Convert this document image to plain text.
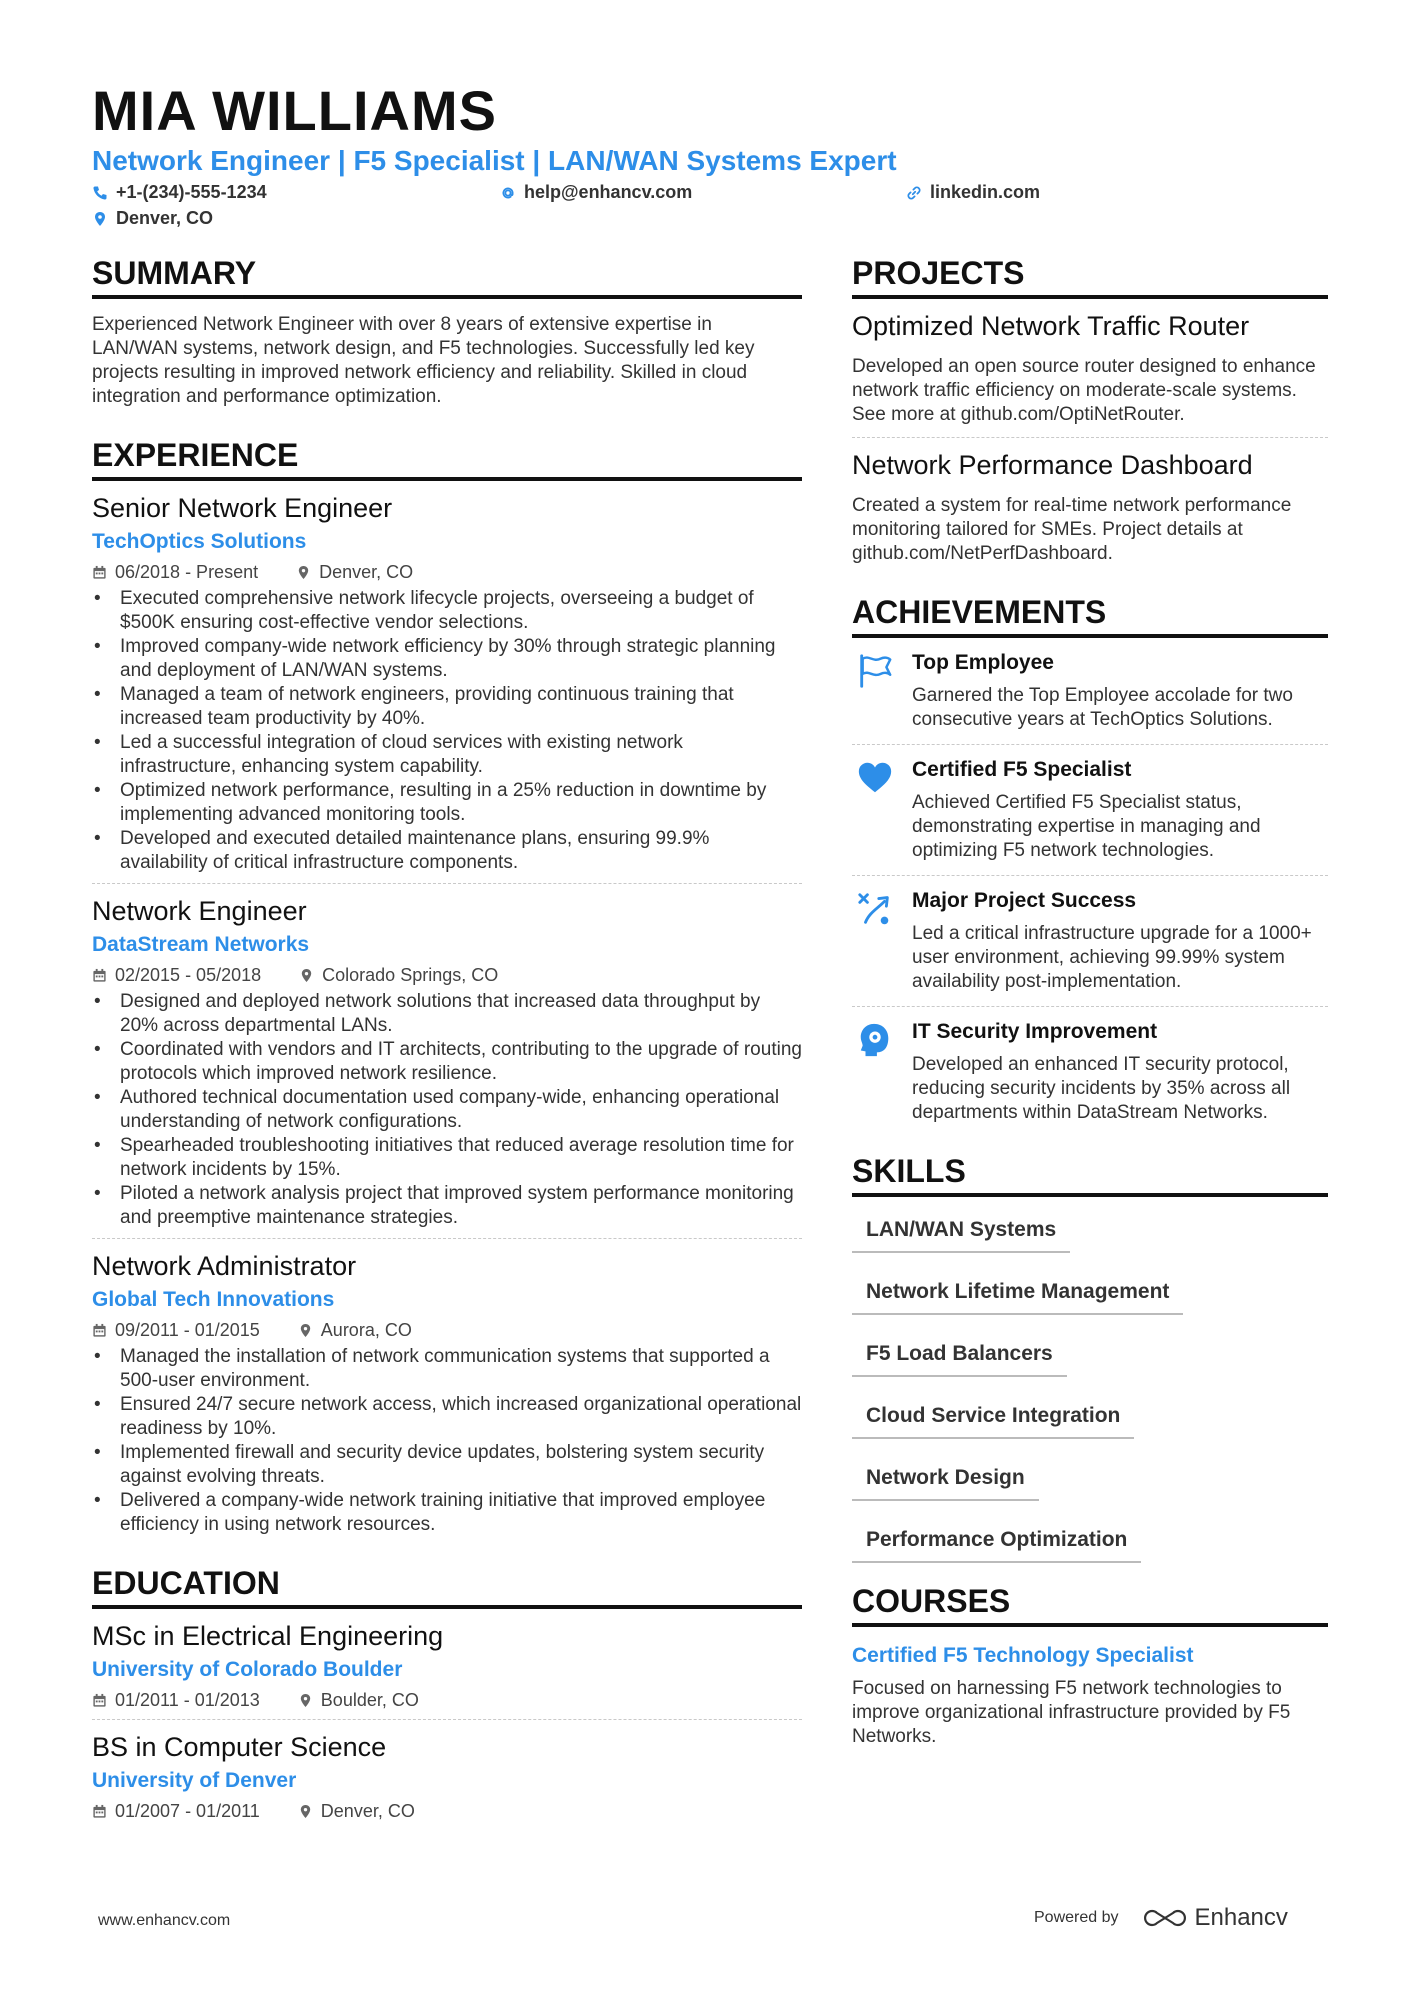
MIA WILLIAMS

Network Engineer | F5 Specialist | LAN/WAN Systems Expert

+1-(234)-555-1234	help@enhancv.com	linkedin.com
Denver, CO
SUMMARY

Experienced Network Engineer with over 8 years of extensive expertise in LAN/WAN systems, network design, and F5 technologies. Successfully led key projects resulting in improved network efficiency and reliability. Skilled in cloud integration and performance optimization.

EXPERIENCE

Senior Network Engineer

TechOptics Solutions

06/2018 - Present	Denver, CO
• Executed comprehensive network lifecycle projects, overseeing a budget of $500K ensuring cost-effective vendor selections.
• Improved company-wide network efficiency by 30% through strategic planning and deployment of LAN/WAN systems.
• Managed a team of network engineers, providing continuous training that increased team productivity by 40%.
• Led a successful integration of cloud services with existing network infrastructure, enhancing system capability.
• Optimized network performance, resulting in a 25% reduction in downtime by implementing advanced monitoring tools.
• Developed and executed detailed maintenance plans, ensuring 99.9% availability of critical infrastructure components.

Network Engineer

DataStream Networks

02/2015 - 05/2018	Colorado Springs, CO
• Designed and deployed network solutions that increased data throughput by 20% across departmental LANs.
• Coordinated with vendors and IT architects, contributing to the upgrade of routing protocols which improved network resilience.
• Authored technical documentation used company-wide, enhancing operational understanding of network configurations.
• Spearheaded troubleshooting initiatives that reduced average resolution time for network incidents by 15%.
• Piloted a network analysis project that improved system performance monitoring and preemptive maintenance strategies.

Network Administrator

Global Tech Innovations

09/2011 - 01/2015	Aurora, CO
• Managed the installation of network communication systems that supported a 500-user environment.
• Ensured 24/7 secure network access, which increased organizational operational readiness by 10%.
• Implemented firewall and security device updates, bolstering system security against evolving threats.
• Delivered a company-wide network training initiative that improved employee efficiency in using network resources.
EDUCATION

MSc in Electrical Engineering

University of Colorado Boulder

01/2011 - 01/2013	Boulder, CO

BS in Computer Science

University of Denver

01/2007 - 01/2011	Denver, CO
PROJECTS

Optimized Network Traffic Router

Developed an open source router designed to enhance network traffic efficiency on moderate-scale systems. See more at github.com/OptiNetRouter.

Network Performance Dashboard

Created a system for real-time network performance monitoring tailored for SMEs. Project details at github.com/NetPerfDashboard.

ACHIEVEMENTS

Top Employee

Garnered the Top Employee accolade for two consecutive years at TechOptics Solutions.

Certified F5 Specialist

Achieved Certified F5 Specialist status, demonstrating expertise in managing and optimizing F5 network technologies.

Major Project Success

Led a critical infrastructure upgrade for a 1000+ user environment, achieving 99.99% system availability post-implementation.

IT Security Improvement

Developed an enhanced IT security protocol, reducing security incidents by 35% across all departments within DataStream Networks.

SKILLS
LAN/WAN Systems
Network Lifetime Management
F5 Load Balancers
Cloud Service Integration
Network Design
Performance Optimization
COURSES

Certified F5 Technology Specialist

Focused on harnessing F5 network technologies to improve organizational infrastructure provided by F5 Networks.

www.enhancv.com	Powered by	Enhancv
